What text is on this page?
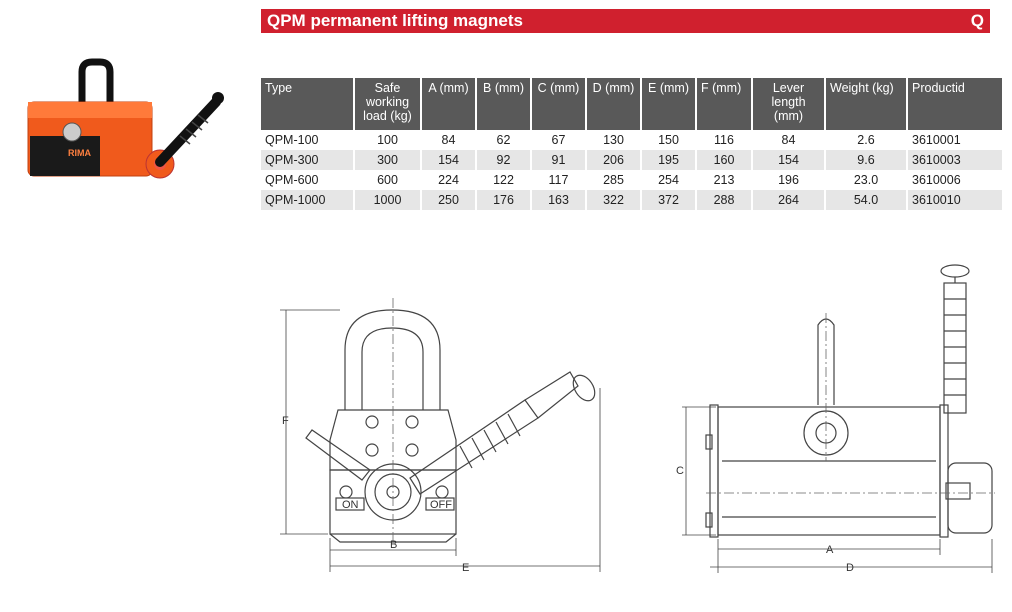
QPM permanent lifting magnets	Q
RIMA
Type	Safe working load (kg)	A (mm)	B (mm)	C (mm)	D (mm)	E (mm)	F (mm)	Lever length (mm)	Weight (kg)	Productid
QPM-100	100	84	62	67	130	150	116	84	2.6	3610001
QPM-300	300	154	92	91	206	195	160	154	9.6	3610003
QPM-600	600	224	122	117	285	254	213	196	23.0	3610006
QPM-1000	1000	250	176	163	322	372	288	264	54.0	3610010
ON	OFF
F
B
E
C
A
D
